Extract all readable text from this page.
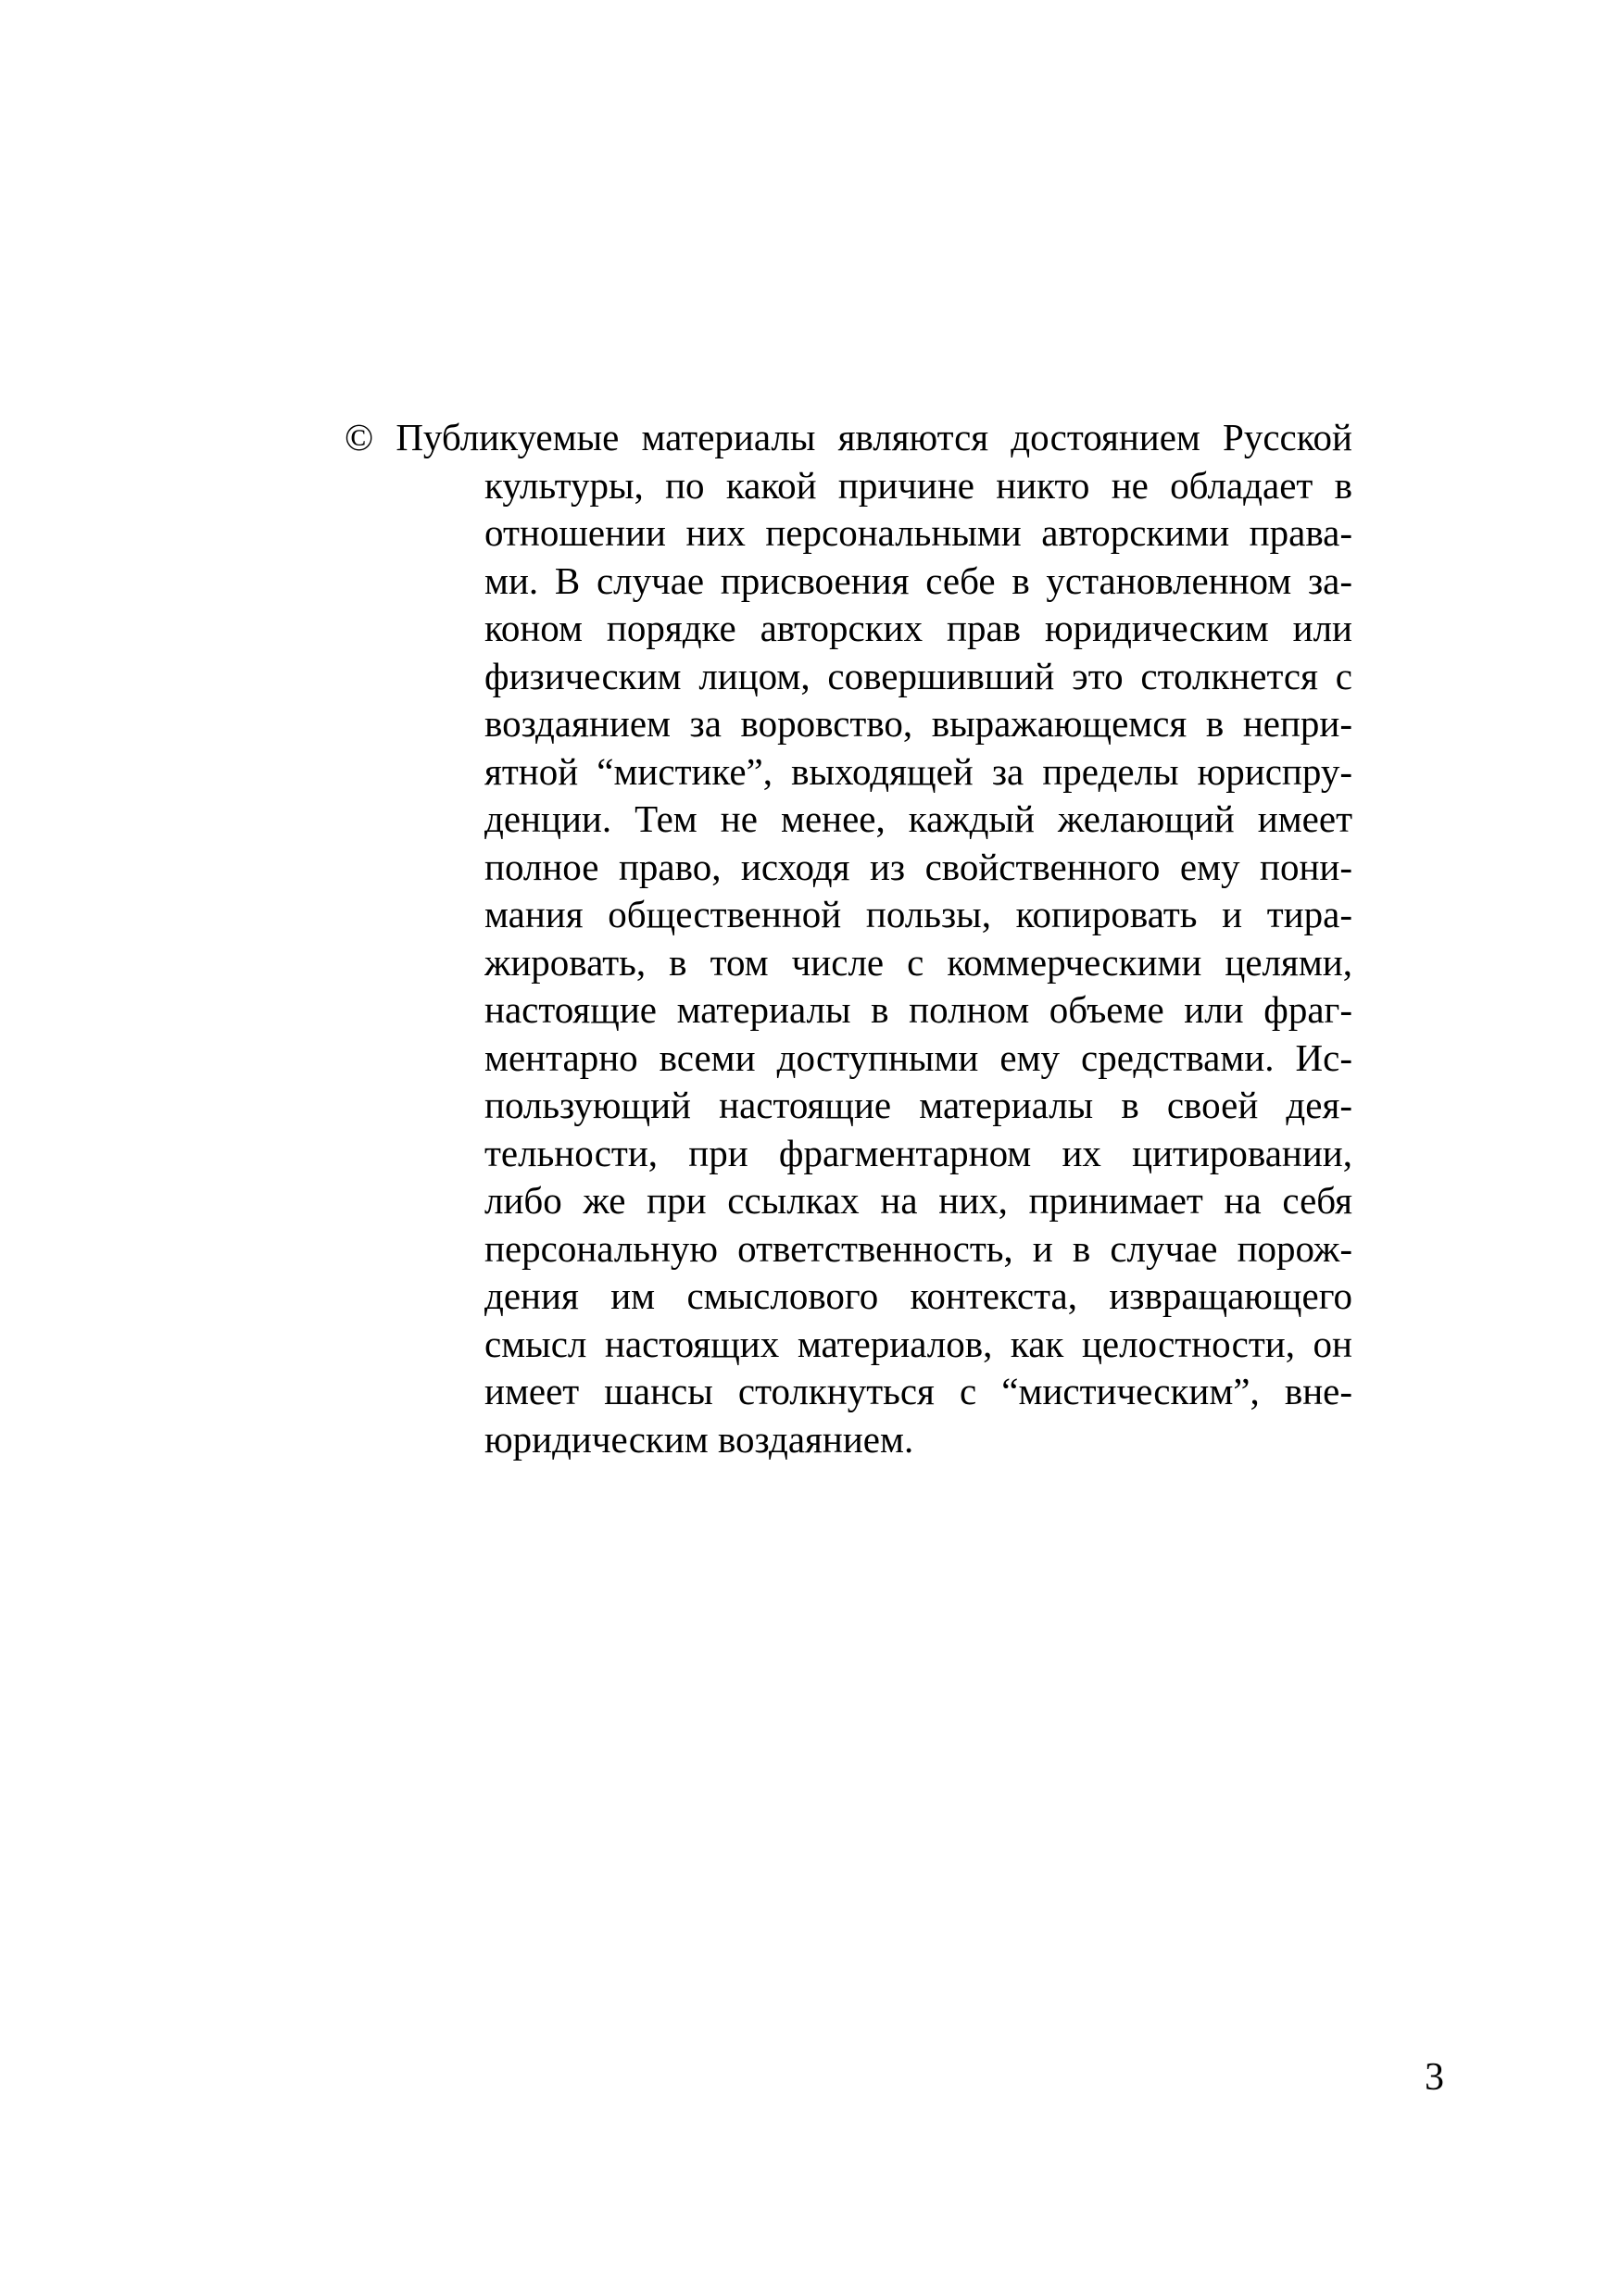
© Публикуемые материалы являются достоянием Русской
культуры, по какой причине никто не обладает в
отношении них персональными авторскими права-
ми. В случае присвоения себе в установленном за-
коном порядке авторских прав юридическим или
физическим лицом, совершивший это столкнется с
воздаянием за воровство, выражающемся в непри-
ятной “мистике”, выходящей за пределы юриспру-
денции. Тем не менее, каждый желающий имеет
полное право, исходя из свойственного ему пони-
мания общественной пользы, копировать и тира-
жировать, в том числе с коммерческими целями,
настоящие материалы в полном объеме или фраг-
ментарно всеми доступными ему средствами. Ис-
пользующий настоящие материалы в своей дея-
тельности, при фрагментарном их цитировании,
либо же при ссылках на них, принимает на себя
персональную ответственность, и в случае порож-
дения им смыслового контекста, извращающего
смысл настоящих материалов, как целостности, он
имеет шансы столкнуться с “мистическим”, вне-
юридическим воздаянием.
3
